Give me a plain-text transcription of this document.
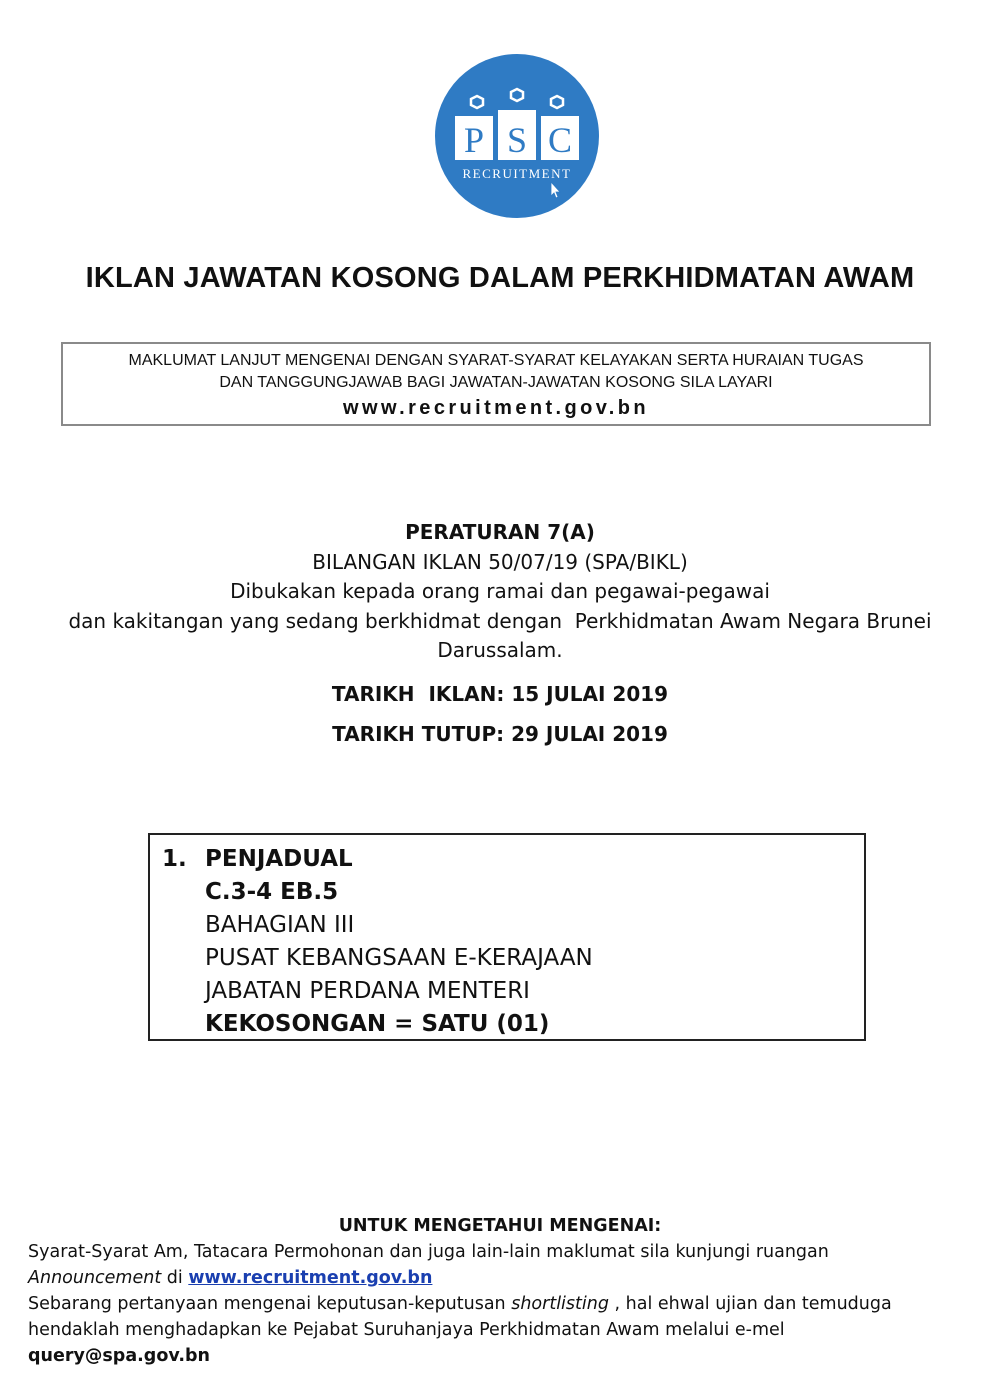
P S C
RECRUITMENT
IKLAN JAWATAN KOSONG DALAM PERKHIDMATAN AWAM
MAKLUMAT LANJUT MENGENAI DENGAN SYARAT-SYARAT KELAYAKAN SERTA HURAIAN TUGAS
DAN TANGGUNGJAWAB BAGI JAWATAN-JAWATAN KOSONG SILA LAYARI
www.recruitment.gov.bn
PERATURAN 7(A)
BILANGAN IKLAN 50/07/19 (SPA/BIKL)
Dibukakan kepada orang ramai dan pegawai-pegawai
dan kakitangan yang sedang berkhidmat dengan  Perkhidmatan Awam Negara Brunei
Darussalam.
TARIKH  IKLAN: 15 JULAI 2019
TARIKH TUTUP: 29 JULAI 2019
1. PENJADUAL
C.3-4 EB.5
BAHAGIAN III
PUSAT KEBANGSAAN E-KERAJAAN
JABATAN PERDANA MENTERI
KEKOSONGAN = SATU (01)
UNTUK MENGETAHUI MENGENAI:
Syarat-Syarat Am, Tatacara Permohonan dan juga lain-lain maklumat sila kunjungi ruangan
Announcement di www.recruitment.gov.bn
Sebarang pertanyaan mengenai keputusan-keputusan shortlisting , hal ehwal ujian dan temuduga
hendaklah menghadapkan ke Pejabat Suruhanjaya Perkhidmatan Awam melalui e-mel
query@spa.gov.bn
